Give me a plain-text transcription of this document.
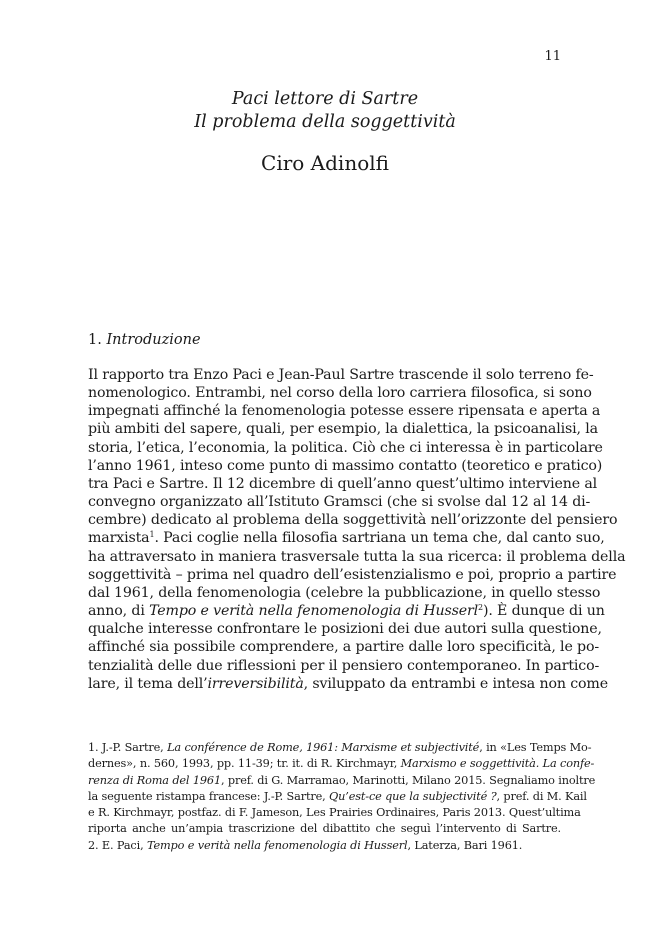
11
Paci lettore di Sartre
Il problema della soggettività
Ciro Adinolfi
1. Introduzione
Il rapporto tra Enzo Paci e Jean-Paul Sartre trascende il solo terreno fe-
nomenologico. Entrambi, nel corso della loro carriera filosofica, si sono
impegnati affinché la fenomenologia potesse essere ripensata e aperta a
più ambiti del sapere, quali, per esempio, la dialettica, la psicoanalisi, la
storia, l’etica, l’economia, la politica. Ciò che ci interessa è in particolare
l’anno 1961, inteso come punto di massimo contatto (teoretico e pratico)
tra Paci e Sartre. Il 12 dicembre di quell’anno quest’ultimo interviene al
convegno organizzato all’Istituto Gramsci (che si svolse dal 12 al 14 di-
cembre) dedicato al problema della soggettività nell’orizzonte del pensiero
marxista$^1$. Paci coglie nella filosofia sartriana un tema che, dal canto suo,
ha attraversato in maniera trasversale tutta la sua ricerca: il problema della
soggettività – prima nel quadro dell’esistenzialismo e poi, proprio a partire
dal 1961, della fenomenologia (celebre la pubblicazione, in quello stesso
anno, di Tempo e verità nella fenomenologia di Husserl$^2$). È dunque di un
qualche interesse confrontare le posizioni dei due autori sulla questione,
affinché sia possibile comprendere, a partire dalle loro specificità, le po-
tenzialità delle due riflessioni per il pensiero contemporaneo. In partico-
lare, il tema dell’irreversibilità, sviluppato da entrambi e intesa non come
1. J.-P. Sartre, La conférence de Rome, 1961: Marxisme et subjectivité, in «Les Temps Mo-
dernes», n. 560, 1993, pp. 11-39; tr. it. di R. Kirchmayr, Marxismo e soggettività. La confe-
renza di Roma del 1961, pref. di G. Marramao, Marinotti, Milano 2015. Segnaliamo inoltre
la seguente ristampa francese: J.-P. Sartre, Qu’est-ce que la subjectivité ?, pref. di M. Kail
e R. Kirchmayr, postfaz. di F. Jameson, Les Prairies Ordinaires, Paris 2013. Quest’ultima
riporta anche un’ampia trascrizione del dibattito che seguì l’intervento di Sartre.
2. E. Paci, Tempo e verità nella fenomenologia di Husserl, Laterza, Bari 1961.
